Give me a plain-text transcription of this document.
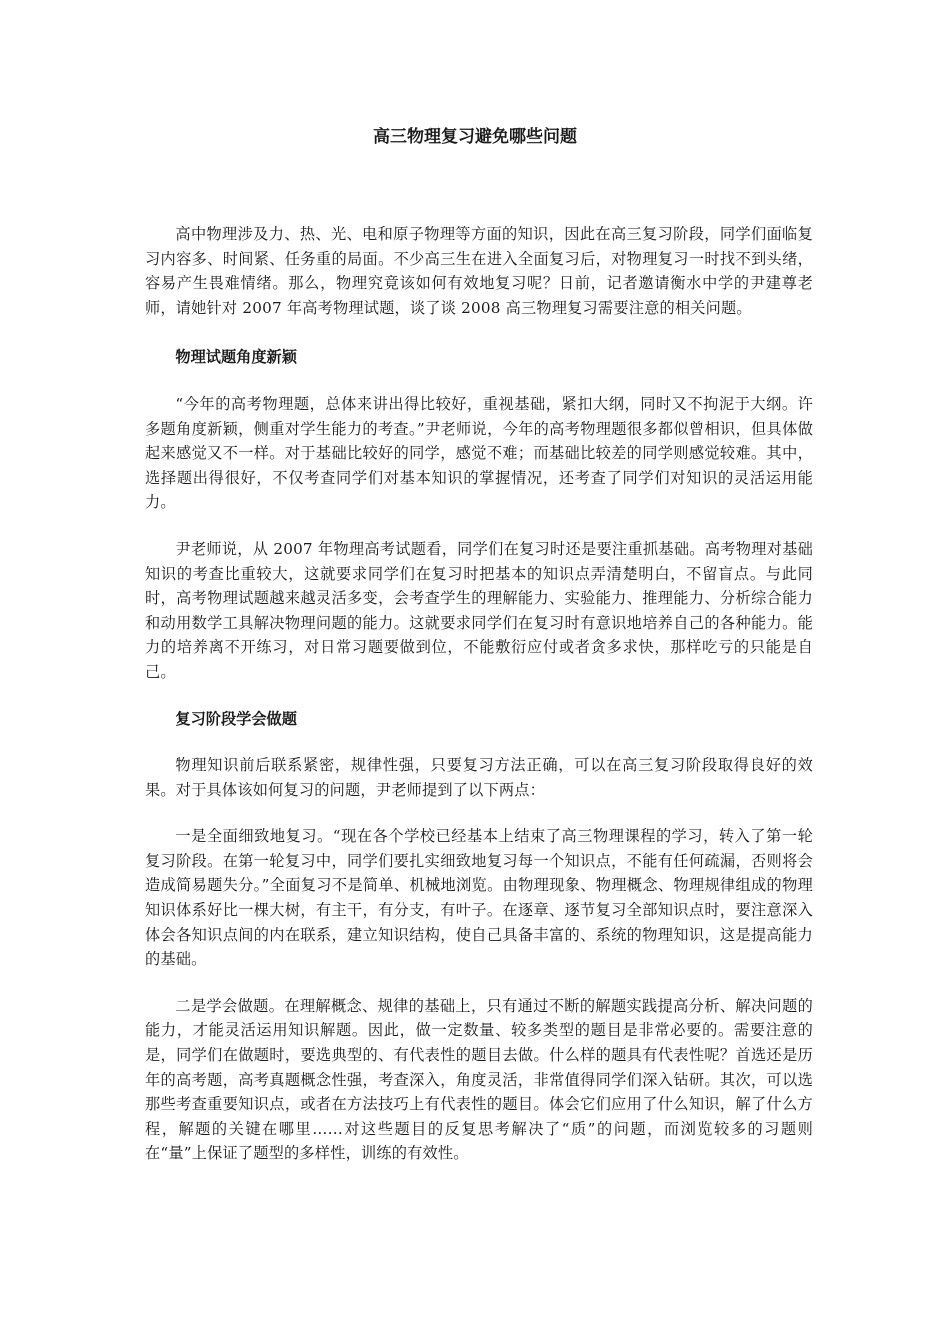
高三物理复习避免哪些问题

高中物理涉及力、热、光、电和原子物理等方面的知识，因此在高三复习阶段，同学们面临复习内容多、时间紧、任务重的局面。不少高三生在进入全面复习后，对物理复习一时找不到头绪，容易产生畏难情绪。那么，物理究竟该如何有效地复习呢？日前，记者邀请衡水中学的尹建尊老师，请她针对 2007 年高考物理试题，谈了谈 2008 高三物理复习需要注意的相关问题。

物理试题角度新颖

“今年的高考物理题，总体来讲出得比较好，重视基础，紧扣大纲，同时又不拘泥于大纲。许多题角度新颖，侧重对学生能力的考查。”尹老师说，今年的高考物理题很多都似曾相识，但具体做起来感觉又不一样。对于基础比较好的同学，感觉不难；而基础比较差的同学则感觉较难。其中，选择题出得很好，不仅考查同学们对基本知识的掌握情况，还考查了同学们对知识的灵活运用能力。

尹老师说，从 2007 年物理高考试题看，同学们在复习时还是要注重抓基础。高考物理对基础知识的考查比重较大，这就要求同学们在复习时把基本的知识点弄清楚明白，不留盲点。与此同时，高考物理试题越来越灵活多变，会考查学生的理解能力、实验能力、推理能力、分析综合能力和动用数学工具解决物理问题的能力。这就要求同学们在复习时有意识地培养自己的各种能力。能力的培养离不开练习，对日常习题要做到位，不能敷衍应付或者贪多求快，那样吃亏的只能是自己。

复习阶段学会做题

物理知识前后联系紧密，规律性强，只要复习方法正确，可以在高三复习阶段取得良好的效果。对于具体该如何复习的问题，尹老师提到了以下两点：

一是全面细致地复习。“现在各个学校已经基本上结束了高三物理课程的学习，转入了第一轮复习阶段。在第一轮复习中，同学们要扎实细致地复习每一个知识点，不能有任何疏漏，否则将会造成简易题失分。”全面复习不是简单、机械地浏览。由物理现象、物理概念、物理规律组成的物理知识体系好比一棵大树，有主干，有分支，有叶子。在逐章、逐节复习全部知识点时，要注意深入体会各知识点间的内在联系，建立知识结构，使自己具备丰富的、系统的物理知识，这是提高能力的基础。

二是学会做题。在理解概念、规律的基础上，只有通过不断的解题实践提高分析、解决问题的能力，才能灵活运用知识解题。因此，做一定数量、较多类型的题目是非常必要的。需要注意的是，同学们在做题时，要选典型的、有代表性的题目去做。什么样的题具有代表性呢？首选还是历年的高考题，高考真题概念性强，考查深入，角度灵活，非常值得同学们深入钻研。其次，可以选那些考查重要知识点，或者在方法技巧上有代表性的题目。体会它们应用了什么知识，解了什么方程，解题的关键在哪里……对这些题目的反复思考解决了“质”的问题，而浏览较多的习题则在“量”上保证了题型的多样性，训练的有效性。
